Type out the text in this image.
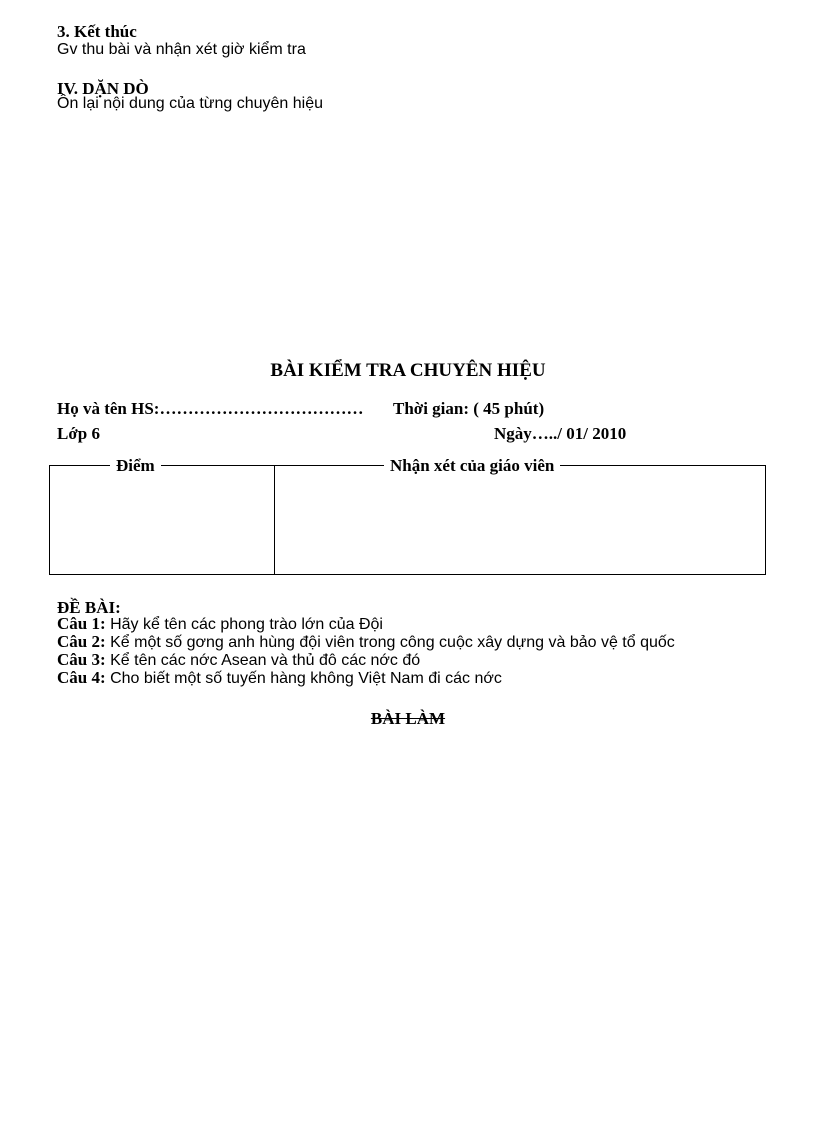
3. Kết thúc
Gv thu bài và nhận xét giờ kiểm tra
IV. DẶN DÒ
Ôn lại nội dung của từng chuyên hiệu
BÀI KIỂM TRA CHUYÊN HIỆU
Họ và tên HS:……………………………… Thời gian: ( 45 phút)
Lớp 6	Ngày…../ 01/ 2010
Điểm	Nhận xét của giáo viên
ĐỀ BÀI:
Câu 1: Hãy kể tên các phong trào lớn của Đội
Câu 2: Kể một số gơng anh hùng đội viên trong công cuộc xây dựng và bảo vệ tổ quốc
Câu 3: Kể tên các nớc Asean và thủ đô các nớc đó
Câu 4: Cho biết một số tuyến hàng không Việt Nam đi các nớc
BÀI LÀM
